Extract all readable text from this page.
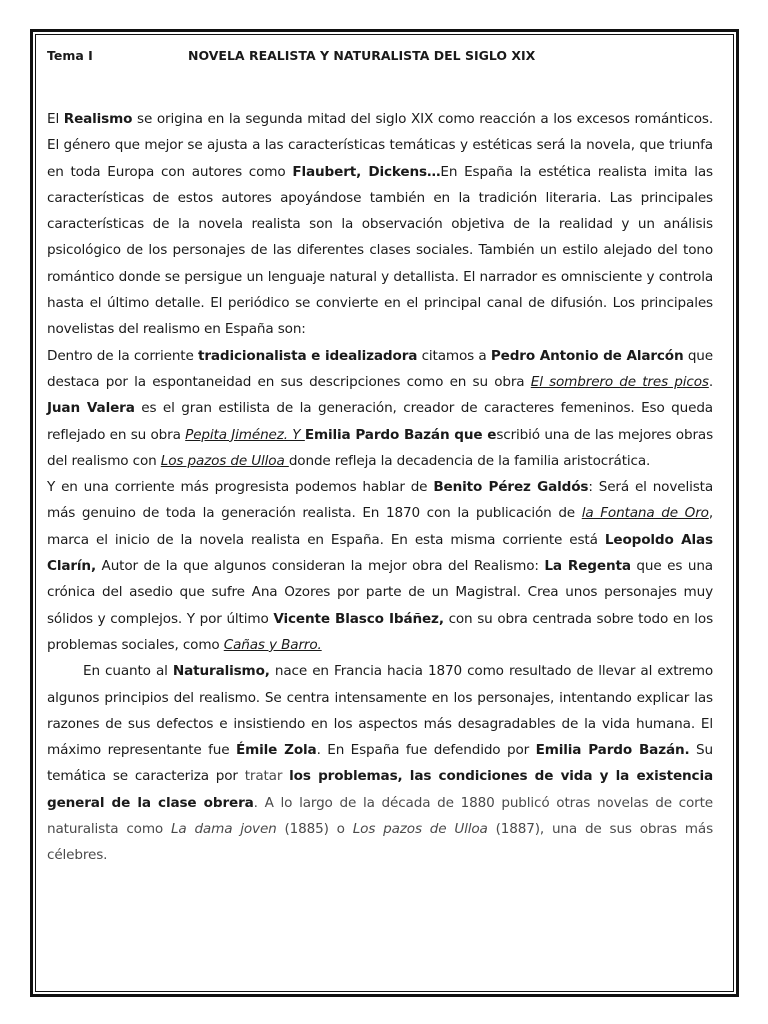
Tema I	NOVELA REALISTA Y NATURALISTA DEL SIGLO XIX

El Realismo se origina en la segunda mitad del siglo XIX como reacción a los excesos románticos. El género que mejor se ajusta a las características temáticas y estéticas será la novela, que triunfa en toda Europa con autores como Flaubert, Dickens…En España la estética realista imita las características de estos autores apoyándose también en la tradición literaria. Las principales características de la novela realista son la observación objetiva de la realidad y un análisis psicológico de los personajes de las diferentes clases sociales. También un estilo alejado del tono romántico donde se persigue un lenguaje natural y detallista. El narrador es omnisciente y controla hasta el último detalle. El periódico se convierte en el principal canal de difusión. Los principales novelistas del realismo en España son:

Dentro de la corriente tradicionalista e idealizadora citamos a Pedro Antonio de Alarcón que destaca por la espontaneidad en sus descripciones como en su obra El sombrero de tres picos. Juan Valera es el gran estilista de la generación, creador de caracteres femeninos. Eso queda reflejado en su obra Pepita Jiménez. Y Emilia Pardo Bazán que escribió una de las mejores obras del realismo con Los pazos de Ulloa donde refleja la decadencia de la familia aristocrática.

Y en una corriente más progresista podemos hablar de Benito Pérez Galdós: Será el novelista más genuino de toda la generación realista. En 1870 con la publicación de la Fontana de Oro, marca el inicio de la novela realista en España. En esta misma corriente está Leopoldo Alas Clarín, Autor de la que algunos consideran la mejor obra del Realismo: La Regenta que es una crónica del asedio que sufre Ana Ozores por parte de un Magistral. Crea unos personajes muy sólidos y complejos. Y por último Vicente Blasco Ibáñez, con su obra centrada sobre todo en los problemas sociales, como Cañas y Barro.

En cuanto al Naturalismo, nace en Francia hacia 1870 como resultado de llevar al extremo algunos principios del realismo. Se centra intensamente en los personajes, intentando explicar las razones de sus defectos e insistiendo en los aspectos más desagradables de la vida humana. El máximo representante fue Émile Zola. En España fue defendido por Emilia Pardo Bazán. Su temática se caracteriza por tratar los problemas, las condiciones de vida y la existencia general de la clase obrera. A lo largo de la década de 1880 publicó otras novelas de corte naturalista como La dama joven (1885) o Los pazos de Ulloa (1887), una de sus obras más célebres.
